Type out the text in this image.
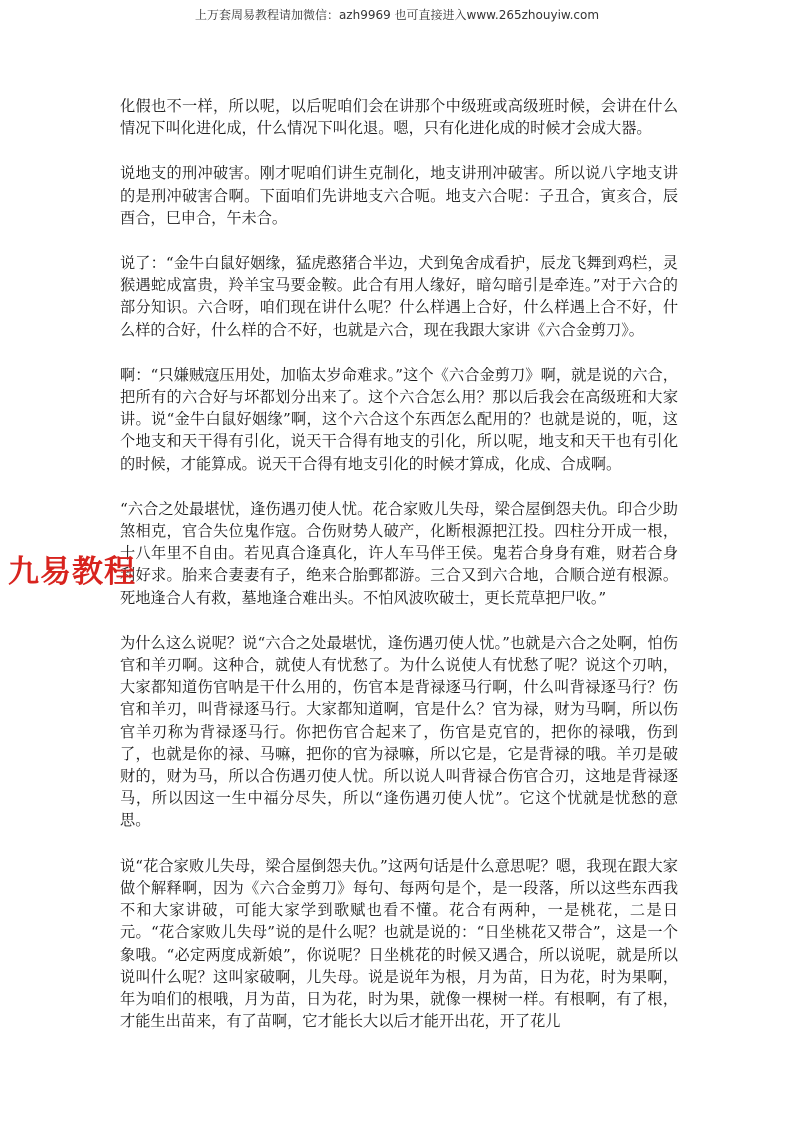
上万套周易教程请加微信：azh9969 也可直接进入www.265zhouyiw.com

化假也不一样，所以呢，以后呢咱们会在讲那个中级班或高级班时候，会讲在什么情况下叫化进化成，什么情况下叫化退。嗯，只有化进化成的时候才会成大器。

说地支的刑冲破害。刚才呢咱们讲生克制化，地支讲刑冲破害。所以说八字地支讲的是刑冲破害合啊。下面咱们先讲地支六合呃。地支六合呢：子丑合，寅亥合，辰酉合，巳申合，午未合。

说了：“金牛白鼠好姻缘，猛虎憨猪合半边，犬到兔舍成看护，辰龙飞舞到鸡栏，灵猴遇蛇成富贵，羚羊宝马要金鞍。此合有用人缘好，暗勾暗引是牵连。”对于六合的部分知识。六合呀，咱们现在讲什么呢？什么样遇上合好，什么样遇上合不好，什么样的合好，什么样的合不好，也就是六合，现在我跟大家讲《六合金剪刀》。

啊：“只嫌贼寇压用处，加临太岁命难求。”这个《六合金剪刀》啊，就是说的六合，把所有的六合好与坏都划分出来了。这个六合怎么用？那以后我会在高级班和大家讲。说“金牛白鼠好姻缘”啊，这个六合这个东西怎么配用的？也就是说的，呃，这个地支和天干得有引化，说天干合得有地支的引化，所以呢，地支和天干也有引化的时候，才能算成。说天干合得有地支引化的时候才算成，化成、合成啊。

“六合之处最堪忧，逢伤遇刃使人忧。花合家败儿失母，梁合屋倒怨夫仇。印合少助煞相克，官合失位鬼作寇。合伤财势人破产，化断根源把江投。四柱分开成一根，十八年里不自由。若见真合逢真化，许人车马伴王侯。鬼若合身身有难，财若合身利好求。胎来合妻妻有子，绝来合胎鄄都游。三合又到六合地，合顺合逆有根源。死地逢合人有救，墓地逢合难出头。不怕风波吹破士，更长荒草把尸收。”

为什么这么说呢？说“六合之处最堪忧，逢伤遇刃使人忧。”也就是六合之处啊，怕伤官和羊刃啊。这种合，就使人有忧愁了。为什么说使人有忧愁了呢？说这个刃呐，大家都知道伤官呐是干什么用的，伤官本是背禄逐马行啊，什么叫背禄逐马行？伤官和羊刃，叫背禄逐马行。大家都知道啊，官是什么？官为禄，财为马啊，所以伤官羊刃称为背禄逐马行。你把伤官合起来了，伤官是克官的，把你的禄哦，伤到了，也就是你的禄、马嘛，把你的官为禄嘛，所以它是，它是背禄的哦。羊刃是破财的，财为马，所以合伤遇刃使人忧。所以说人叫背禄合伤官合刃，这地是背禄逐马，所以因这一生中福分尽失，所以“逢伤遇刃使人忧”。它这个忧就是忧愁的意思。

说“花合家败儿失母，梁合屋倒怨夫仇。”这两句话是什么意思呢？嗯，我现在跟大家做个解释啊，因为《六合金剪刀》每句、每两句是个，是一段落，所以这些东西我不和大家讲破，可能大家学到歌赋也看不懂。花合有两种，一是桃花，二是日元。“花合家败儿失母”说的是什么呢？也就是说的：“日坐桃花又带合”，这是一个象哦。“必定两度成新娘”，你说呢？日坐桃花的时候又遇合，所以说呢，就是所以说叫什么呢？这叫家破啊，儿失母。说是说年为根，月为苗，日为花，时为果啊，年为咱们的根哦，月为苗，日为花，时为果，就像一棵树一样。有根啊，有了根，才能生出苗来，有了苗啊，它才能长大以后才能开出花，开了花儿

九易教程
